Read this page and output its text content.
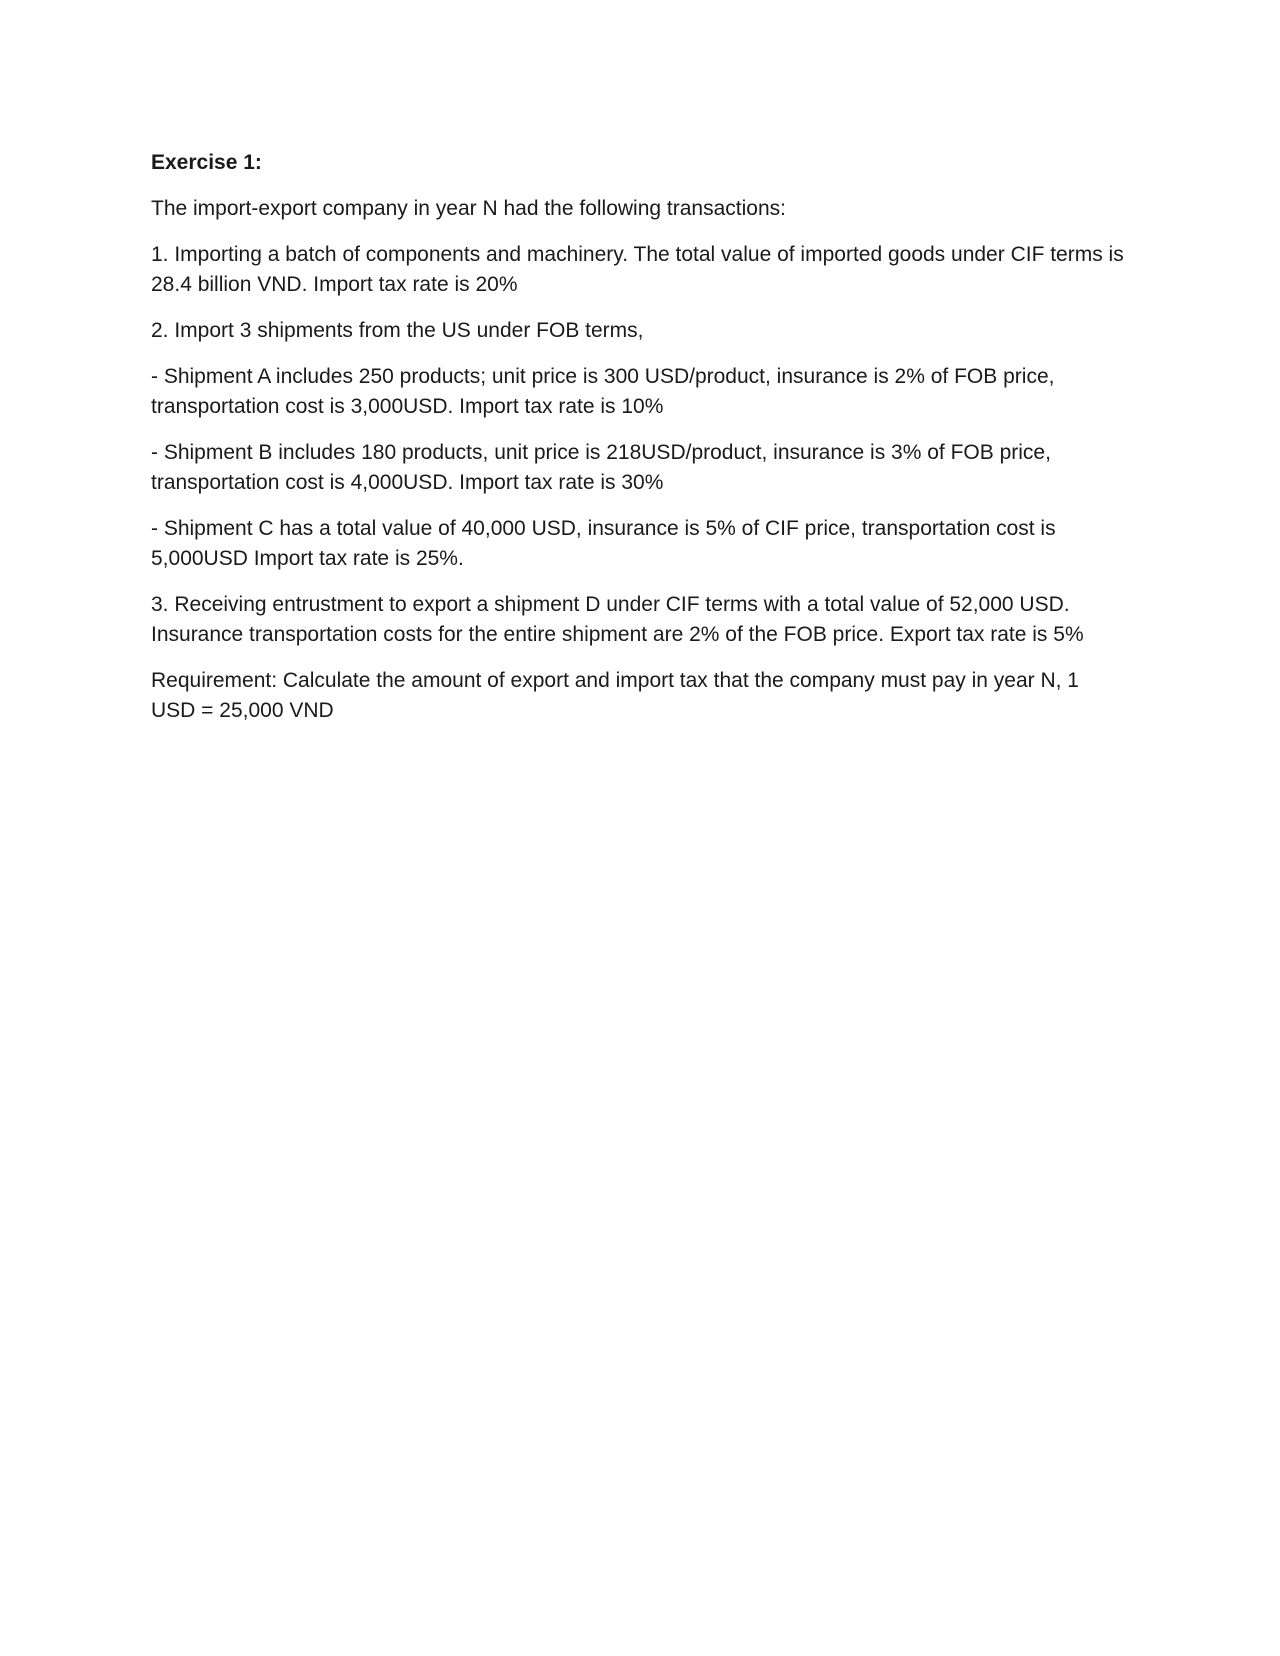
Exercise 1:

The import-export company in year N had the following transactions:

1. Importing a batch of components and machinery. The total value of imported goods under CIF terms is 28.4 billion VND. Import tax rate is 20%

2. Import 3 shipments from the US under FOB terms,

- Shipment A includes 250 products; unit price is 300 USD/product, insurance is 2% of FOB price, transportation cost is 3,000USD. Import tax rate is 10%

- Shipment B includes 180 products, unit price is 218USD/product, insurance is 3% of FOB price, transportation cost is 4,000USD. Import tax rate is 30%

- Shipment C has a total value of 40,000 USD, insurance is 5% of CIF price, transportation cost is 5,000USD Import tax rate is 25%.

3. Receiving entrustment to export a shipment D under CIF terms with a total value of 52,000 USD. Insurance transportation costs for the entire shipment are 2% of the FOB price. Export tax rate is 5%

Requirement: Calculate the amount of export and import tax that the company must pay in year N, 1 USD = 25,000 VND
